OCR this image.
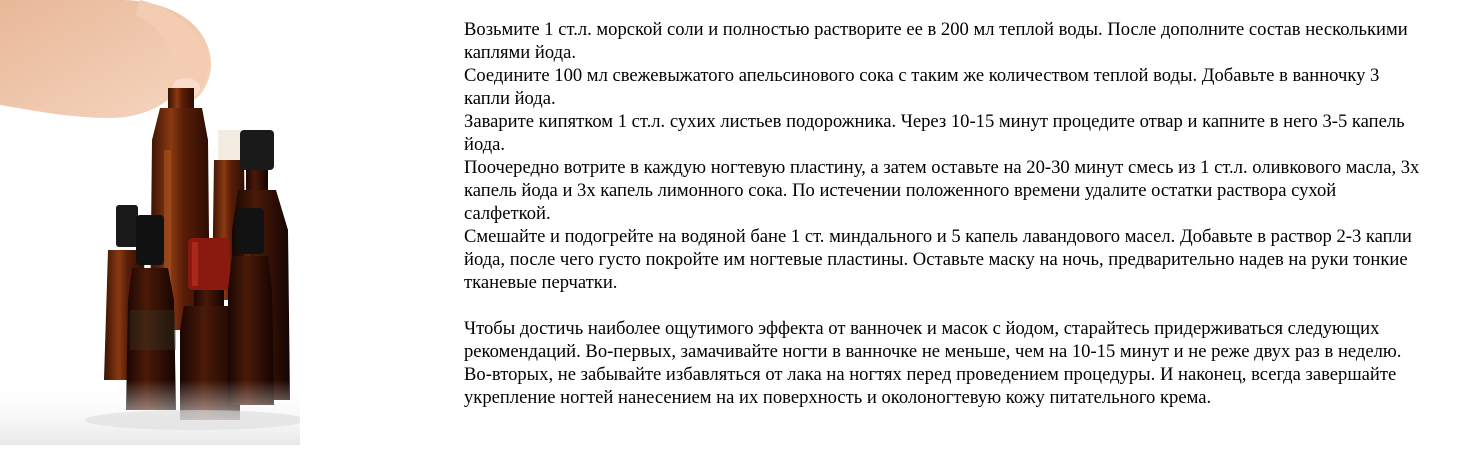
Возьмите 1 ст.л. морской соли и полностью растворите ее в 200 мл теплой воды. После дополните состав несколькими каплями йода.

Соедините 100 мл свежевыжатого апельсинового сока с таким же количеством теплой воды. Добавьте в ванночку 3 капли йода.

Заварите кипятком 1 ст.л. сухих листьев подорожника. Через 10-15 минут процедите отвар и капните в него 3-5 капель йода.

Поочередно вотрите в каждую ногтевую пластину, а затем оставьте на 20-30 минут смесь из 1 ст.л. оливкового масла, 3х капель йода и 3х капель лимонного сока. По истечении положенного времени удалите остатки раствора сухой салфеткой.

Смешайте и подогрейте на водяной бане 1 ст. миндального и 5 капель лавандового масел. Добавьте в раствор 2-3 капли йода, после чего густо покройте им ногтевые пластины. Оставьте маску на ночь, предварительно надев на руки тонкие тканевые перчатки.

Чтобы достичь наиболее ощутимого эффекта от ванночек и масок с йодом, старайтесь придерживаться следующих рекомендаций. Во-первых, замачивайте ногти в ванночке не меньше, чем на 10-15 минут и не реже двух раз в неделю. Во-вторых, не забывайте избавляться от лака на ногтях перед проведением процедуры. И наконец, всегда завершайте укрепление ногтей нанесением на их поверхность и околоногтевую кожу питательного крема.
